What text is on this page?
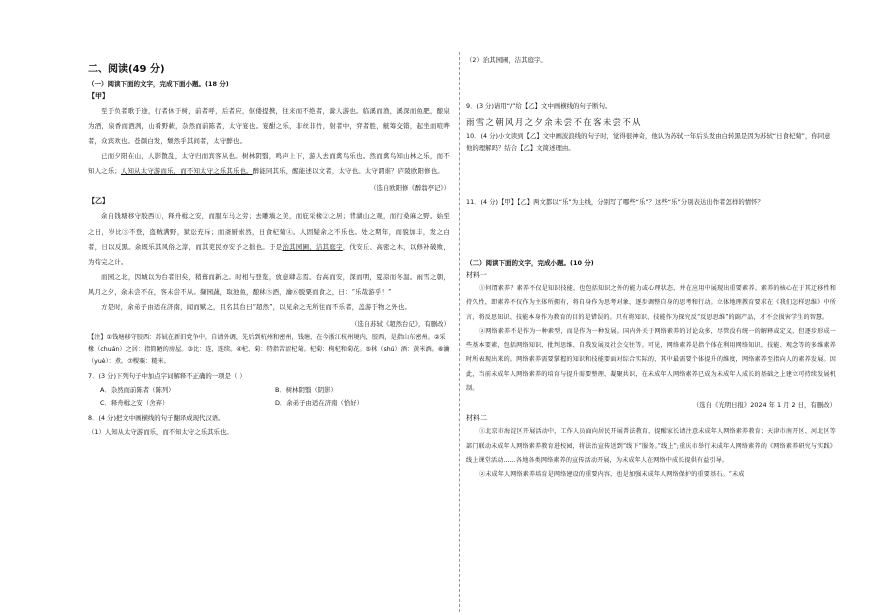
二、阅读(49 分)
（一）阅读下面的文字，完成下面小题。(18 分)
【甲】

至于负者歌于途，行者休于树，前者呼，后者应，伛偻提携，往来而不绝者，滁人游也。临溪而渔，溪深而鱼肥，酿泉为酒，泉香而酒洌，山肴野蔌，杂然而前陈者，太守宴也。宴酣之乐，非丝非竹，射者中，弈者胜，觥筹交错，起坐而喧哗者，众宾欢也。苍颜白发，颓然乎其间者，太守醉也。

已而夕阳在山，人影散乱，太守归而宾客从也。树林阴翳，鸣声上下，游人去而禽鸟乐也。然而禽鸟知山林之乐，而不知人之乐；人知从太守游而乐，而不知太守之乐其乐也。醉能同其乐，醒能述以文者，太守也。太守谓谁？庐陵欧阳修也。

（选自欧阳修《醉翁亭记》）
【乙】

余自钱塘移守胶西①，释舟楫之安，而服车马之劳；去雕墙之美，而庇采椽②之居；背湖山之观，而行桑麻之野。始至之日，岁比③不登，盗贼满野，狱讼充斥；而斋厨索然，日食杞菊④。人固疑余之不乐也。处之期年，而貌加丰，发之白者，日以反黑。余既乐其风俗之淳，而其吏民亦安予之拙也。于是治其园圃，洁其庭宇，伐安丘、高密之木，以修补破败，为苟完之计。

而园之北，因城以为台者旧矣，稍葺而新之。时相与登览，放意肆志焉。台高而安，深而明，夏凉而冬温。雨雪之朝，风月之夕，余未尝不在，客未尝不从。撷园蔬，取池鱼，酿秫⑤酒，瀹⑥脱粟而食之，曰：“乐哉游乎！”

方是时，余弟子由适在济南，闻而赋之，且名其台曰“超然”，以见余之无所往而不乐者，盖游于物之外也。

（选自苏轼《超然台记》，有删改）

【注】①钱塘移守胶西：苏轼在新旧党争中，自请外调，先后到杭州和密州，钱塘，在今浙江杭州境内，胶西，是指山东密州。②采椽（chuán）之居：指简陋的房屋。③比：连，连续。④杞、菊：特指苦涩杞菊。杞菊：枸杞和菊花。⑤秫（shú）酒：黄米酒。⑥瀹（yuè）：煮。⑦稷粟：糙米。

7．(3 分)下列句子中加点字词解释不正确的一项是（ ）
A．杂然而前陈者（陈列）	B．树林阴翳（阴影）
C．释舟楫之安（舍弃）	D．余弟子由适在济南（恰好）
8．(4 分)把文中画横线的句子翻译成现代汉语。
（1）人知从太守游而乐，而不知太守之乐其乐也。
（2）治其园圃，洁其庭宇。
9．(3 分)请用“/”给【乙】文中画横线的句子断句。
雨雪之朝风月之夕余未尝不在客未尝不从
10．(4 分)小文读到【乙】文中画波浪线的句子时，觉得很神奇，他认为苏轼一年后头发由白转黑是因为苏轼“日食杞菊”，你同意他的理解吗？结合【乙】文简述理由。
11．(4 分)【甲】【乙】两文都以“乐”为主线，分别写了哪些“乐”？这些“乐”分别表达出作者怎样的情怀？
（二）阅读下面的文字，完成小题。(10 分)
材料一

①何谓素养？素养不仅是知识技能，也包括知识之外的能力或心理状态，并在应用中展现出重要素养。素养的核心在于其迁移性和持久性，即素养不仅作为主体所拥有，将自身作为思考对象，逐步调整自身的思考和行动。立体地理教育要求在《我们怎样思维》中所言，将反思知识、技能本身作为教育的目的是错误的。只有将知识、技能作为探究反“反思思维”的副产品，才不会损害学生的智慧。

②网络素养不是作为一种素型，而是作为一种发展。国内外关于网络素养的讨论众多，尽管没有统一的解释或定义，但逐步形成一些基本要素，包括网络知识、批判思维、自我发展及社会交往等。可见，网络素养是指个体在利用网络知识、技能、观念等的多维素养时所表现出来的。网络素养需要掌握的知识和技能要面对综合实际的，其中最需要个体提升的维度，网络素养至指向人的素养发展。因此，当前未成年人网络素养的培育与提升需要整理、凝聚共识，在未成年人网络素养已成为未成年人成长的基础之上建立可持续发展机制。

（选自《光明日报》2024 年 1 月 2 日，有删改）
材料二

①北京市海淀区开展活动中，工作人员面向居民开展普法教育，提醒家长请注意未成年人网络素养教育；天津市南开区、河北区等部门联动未成年人网络素养教育进校园，将法治宣传送到“线下”服务。”线上”;重庆市举行未成年人网络素养的《网络素养研究与实践》线上课堂活动……各地各类网络素养的宣传活动开展，为未成年人在网络中成长提供有益引导。

②未成年人网络素养培育是网络建设的重要内容，也是加强未成年人网络保护的重要基石。“未成
